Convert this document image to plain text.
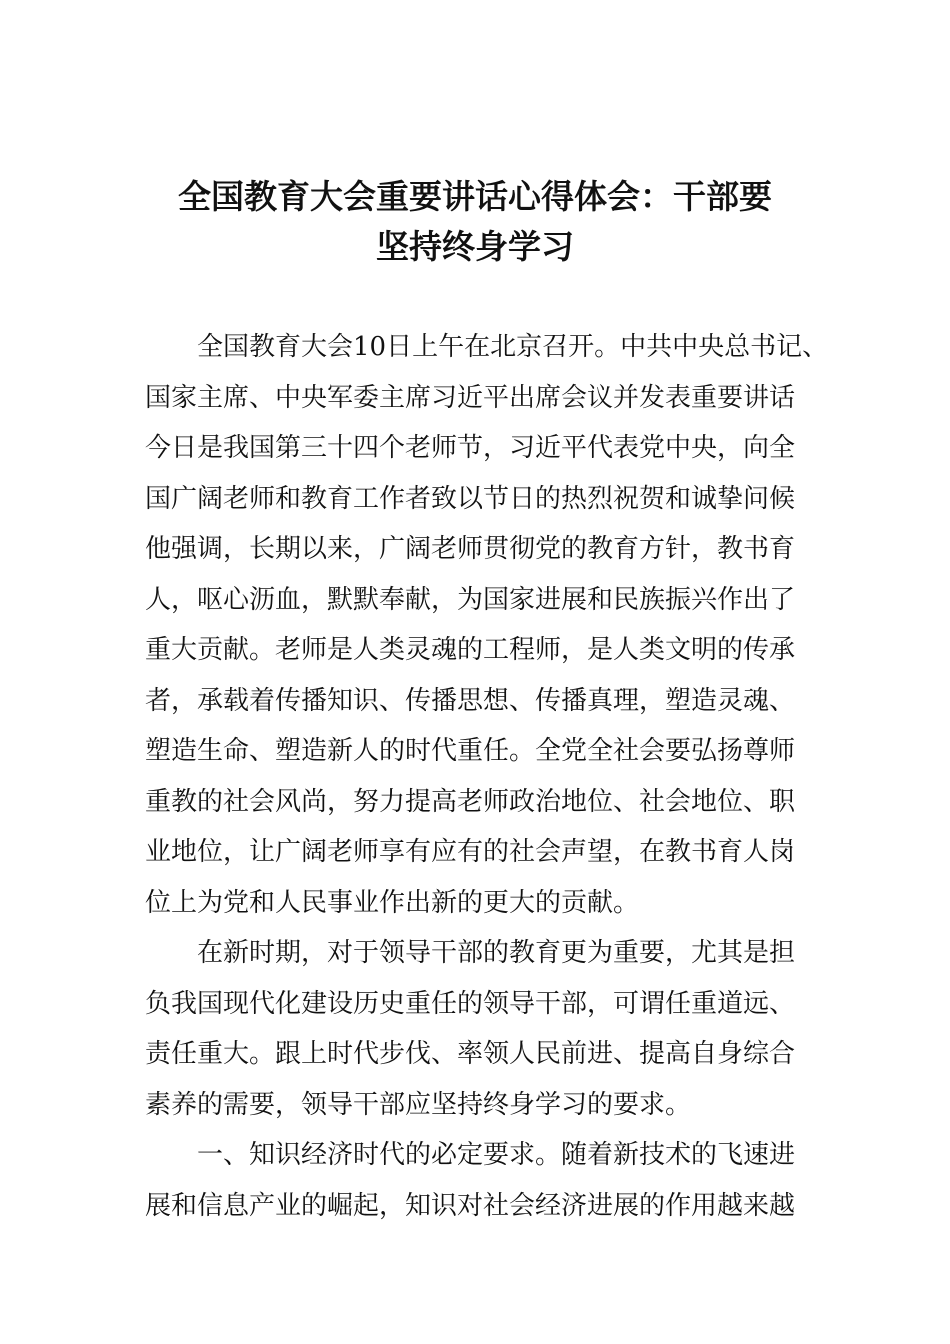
全国教育大会重要讲话心得体会：干部要
坚持终身学习
全国教育大会10日上午在北京召开。中共中央总书记、
国家主席、中央军委主席习近平出席会议并发表重要讲话
今日是我国第三十四个老师节，习近平代表党中央，向全
国广阔老师和教育工作者致以节日的热烈祝贺和诚挚问候
他强调，长期以来，广阔老师贯彻党的教育方针，教书育
人，呕心沥血，默默奉献，为国家进展和民族振兴作出了
重大贡献。老师是人类灵魂的工程师，是人类文明的传承
者，承载着传播知识、传播思想、传播真理，塑造灵魂、
塑造生命、塑造新人的时代重任。全党全社会要弘扬尊师
重教的社会风尚，努力提高老师政治地位、社会地位、职
业地位，让广阔老师享有应有的社会声望，在教书育人岗
位上为党和人民事业作出新的更大的贡献。
在新时期，对于领导干部的教育更为重要，尤其是担
负我国现代化建设历史重任的领导干部，可谓任重道远、
责任重大。跟上时代步伐、率领人民前进、提高自身综合
素养的需要，领导干部应坚持终身学习的要求。
一、知识经济时代的必定要求。随着新技术的飞速进
展和信息产业的崛起，知识对社会经济进展的作用越来越
